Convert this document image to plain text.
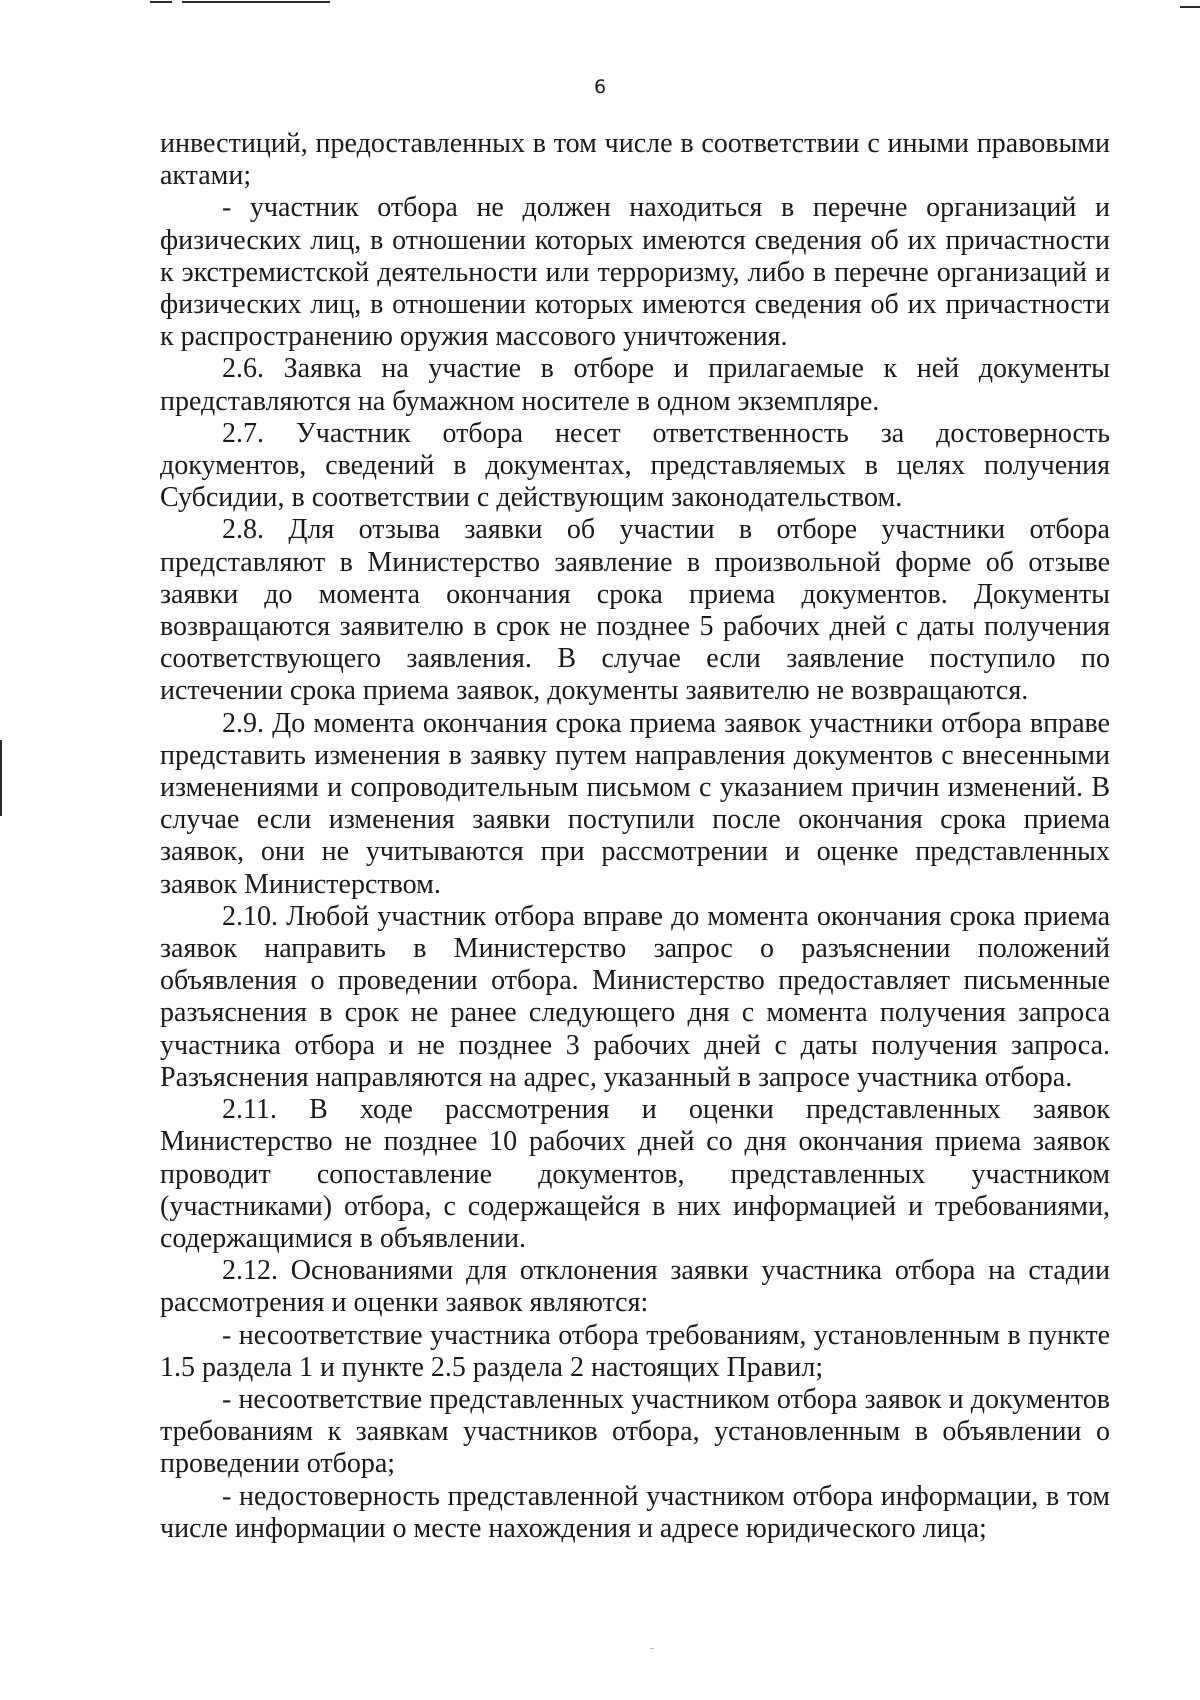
6

инвестиций, предоставленных в том числе в соответствии с иными правовыми актами;

- участник отбора не должен находиться в перечне организаций и физических лиц, в отношении которых имеются сведения об их причастности к экстремистской деятельности или терроризму, либо в перечне организаций и физических лиц, в отношении которых имеются сведения об их причастности к распространению оружия массового уничтожения.

2.6. Заявка на участие в отборе и прилагаемые к ней документы представляются на бумажном носителе в одном экземпляре.

2.7. Участник отбора несет ответственность за достоверность документов, сведений в документах, представляемых в целях получения Субсидии, в соответствии с действующим законодательством.

2.8. Для отзыва заявки об участии в отборе участники отбора представляют в Министерство заявление в произвольной форме об отзыве заявки до момента окончания срока приема документов. Документы возвращаются заявителю в срок не позднее 5 рабочих дней с даты получения соответствующего заявления. В случае если заявление поступило по истечении срока приема заявок, документы заявителю не возвращаются.

2.9. До момента окончания срока приема заявок участники отбора вправе представить изменения в заявку путем направления документов с внесенными изменениями и сопроводительным письмом с указанием причин изменений. В случае если изменения заявки поступили после окончания срока приема заявок, они не учитываются при рассмотрении и оценке представленных заявок Министерством.

2.10. Любой участник отбора вправе до момента окончания срока приема заявок направить в Министерство запрос о разъяснении положений объявления о проведении отбора. Министерство предоставляет письменные разъяснения в срок не ранее следующего дня с момента получения запроса участника отбора и не позднее 3 рабочих дней с даты получения запроса. Разъяснения направляются на адрес, указанный в запросе участника отбора.

2.11. В ходе рассмотрения и оценки представленных заявок Министерство не позднее 10 рабочих дней со дня окончания приема заявок проводит сопоставление документов, представленных участником (участниками) отбора, с содержащейся в них информацией и требованиями, содержащимися в объявлении.

2.12. Основаниями для отклонения заявки участника отбора на стадии рассмотрения и оценки заявок являются:

- несоответствие участника отбора требованиям, установленным в пункте 1.5 раздела 1 и пункте 2.5 раздела 2 настоящих Правил;

- несоответствие представленных участником отбора заявок и документов требованиям к заявкам участников отбора, установленным в объявлении о проведении отбора;

- недостоверность представленной участником отбора информации, в том числе информации о месте нахождения и адресе юридического лица;
